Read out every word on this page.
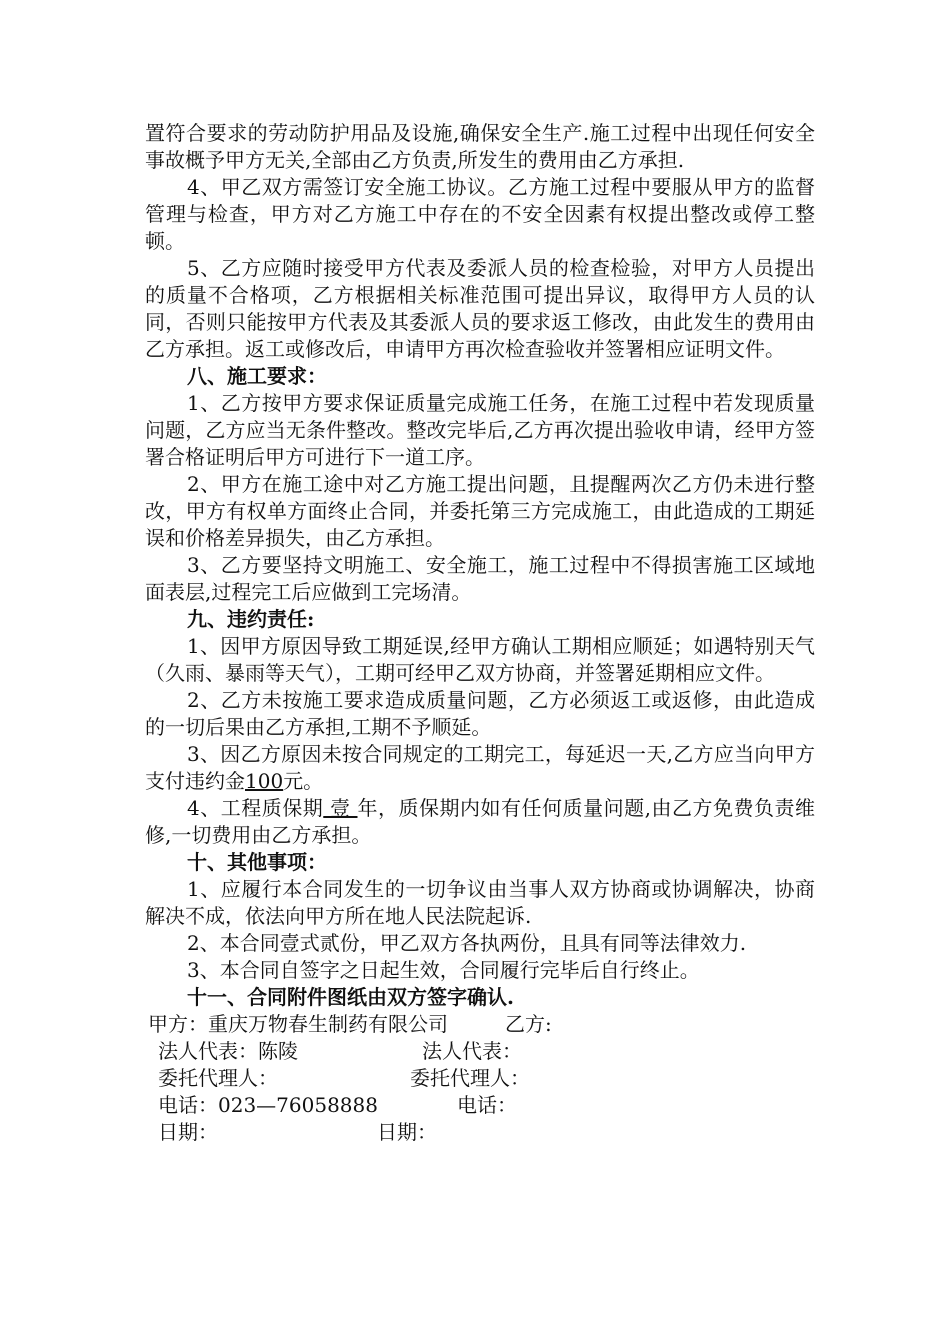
置符合要求的劳动防护用品及设施,确保安全生产.施工过程中出现任何安全事故概予甲方无关,全部由乙方负责,所发生的费用由乙方承担.

4、甲乙双方需签订安全施工协议。乙方施工过程中要服从甲方的监督管理与检查，甲方对乙方施工中存在的不安全因素有权提出整改或停工整顿。

5、乙方应随时接受甲方代表及委派人员的检查检验，对甲方人员提出的质量不合格项，乙方根据相关标准范围可提出异议，取得甲方人员的认同，否则只能按甲方代表及其委派人员的要求返工修改，由此发生的费用由乙方承担。返工或修改后，申请甲方再次检查验收并签署相应证明文件。

八、施工要求：

1、乙方按甲方要求保证质量完成施工任务，在施工过程中若发现质量问题，乙方应当无条件整改。整改完毕后,乙方再次提出验收申请，经甲方签署合格证明后甲方可进行下一道工序。

2、甲方在施工途中对乙方施工提出问题，且提醒两次乙方仍未进行整改，甲方有权单方面终止合同，并委托第三方完成施工，由此造成的工期延误和价格差异损失，由乙方承担。

3、乙方要坚持文明施工、安全施工，施工过程中不得损害施工区域地面表层,过程完工后应做到工完场清。

九、违约责任:

1、因甲方原因导致工期延误,经甲方确认工期相应顺延；如遇特别天气（久雨、暴雨等天气），工期可经甲乙双方协商，并签署延期相应文件。

2、乙方未按施工要求造成质量问题，乙方必须返工或返修，由此造成的一切后果由乙方承担,工期不予顺延。

3、因乙方原因未按合同规定的工期完工，每延迟一天,乙方应当向甲方支付违约金100元。

4、工程质保期 壹 年，质保期内如有任何质量问题,由乙方免费负责维修,一切费用由乙方承担。

十、其他事项：

1、应履行本合同发生的一切争议由当事人双方协商或协调解决，协商解决不成，依法向甲方所在地人民法院起诉.

2、本合同壹式贰份，甲乙双方各执两份，且具有同等法律效力.

3、本合同自签字之日起生效，合同履行完毕后自行终止。

十一、合同附件图纸由双方签字确认.

甲方：重庆万物春生制药有限公司	乙方:
法人代表：陈陵	法人代表：
委托代理人：	委托代理人：
电话：023—76058888	电话：
日期：	日期：
